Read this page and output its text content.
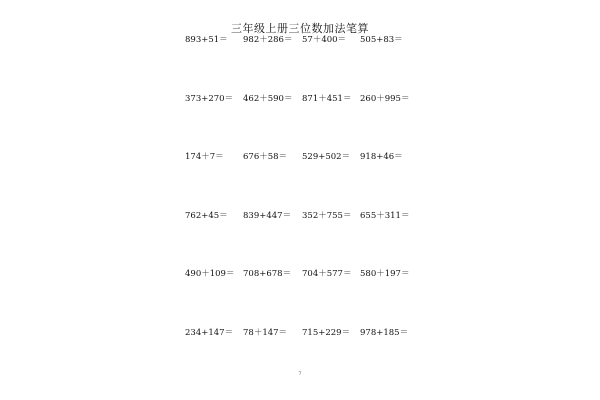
三年级上册三位数加法笔算
893+51＝ 982＋286＝ 57＋400＝ 505+83＝
373+270＝ 462＋590＝ 871＋451＝ 260＋995＝
174＋7＝ 676＋58＝ 529+502＝ 918+46＝
762+45＝ 839+447＝ 352＋755＝ 655＋311＝
490＋109＝ 708+678＝ 704＋577＝ 580＋197＝
234+147＝ 78＋147＝ 715+229＝ 978+185＝
7
